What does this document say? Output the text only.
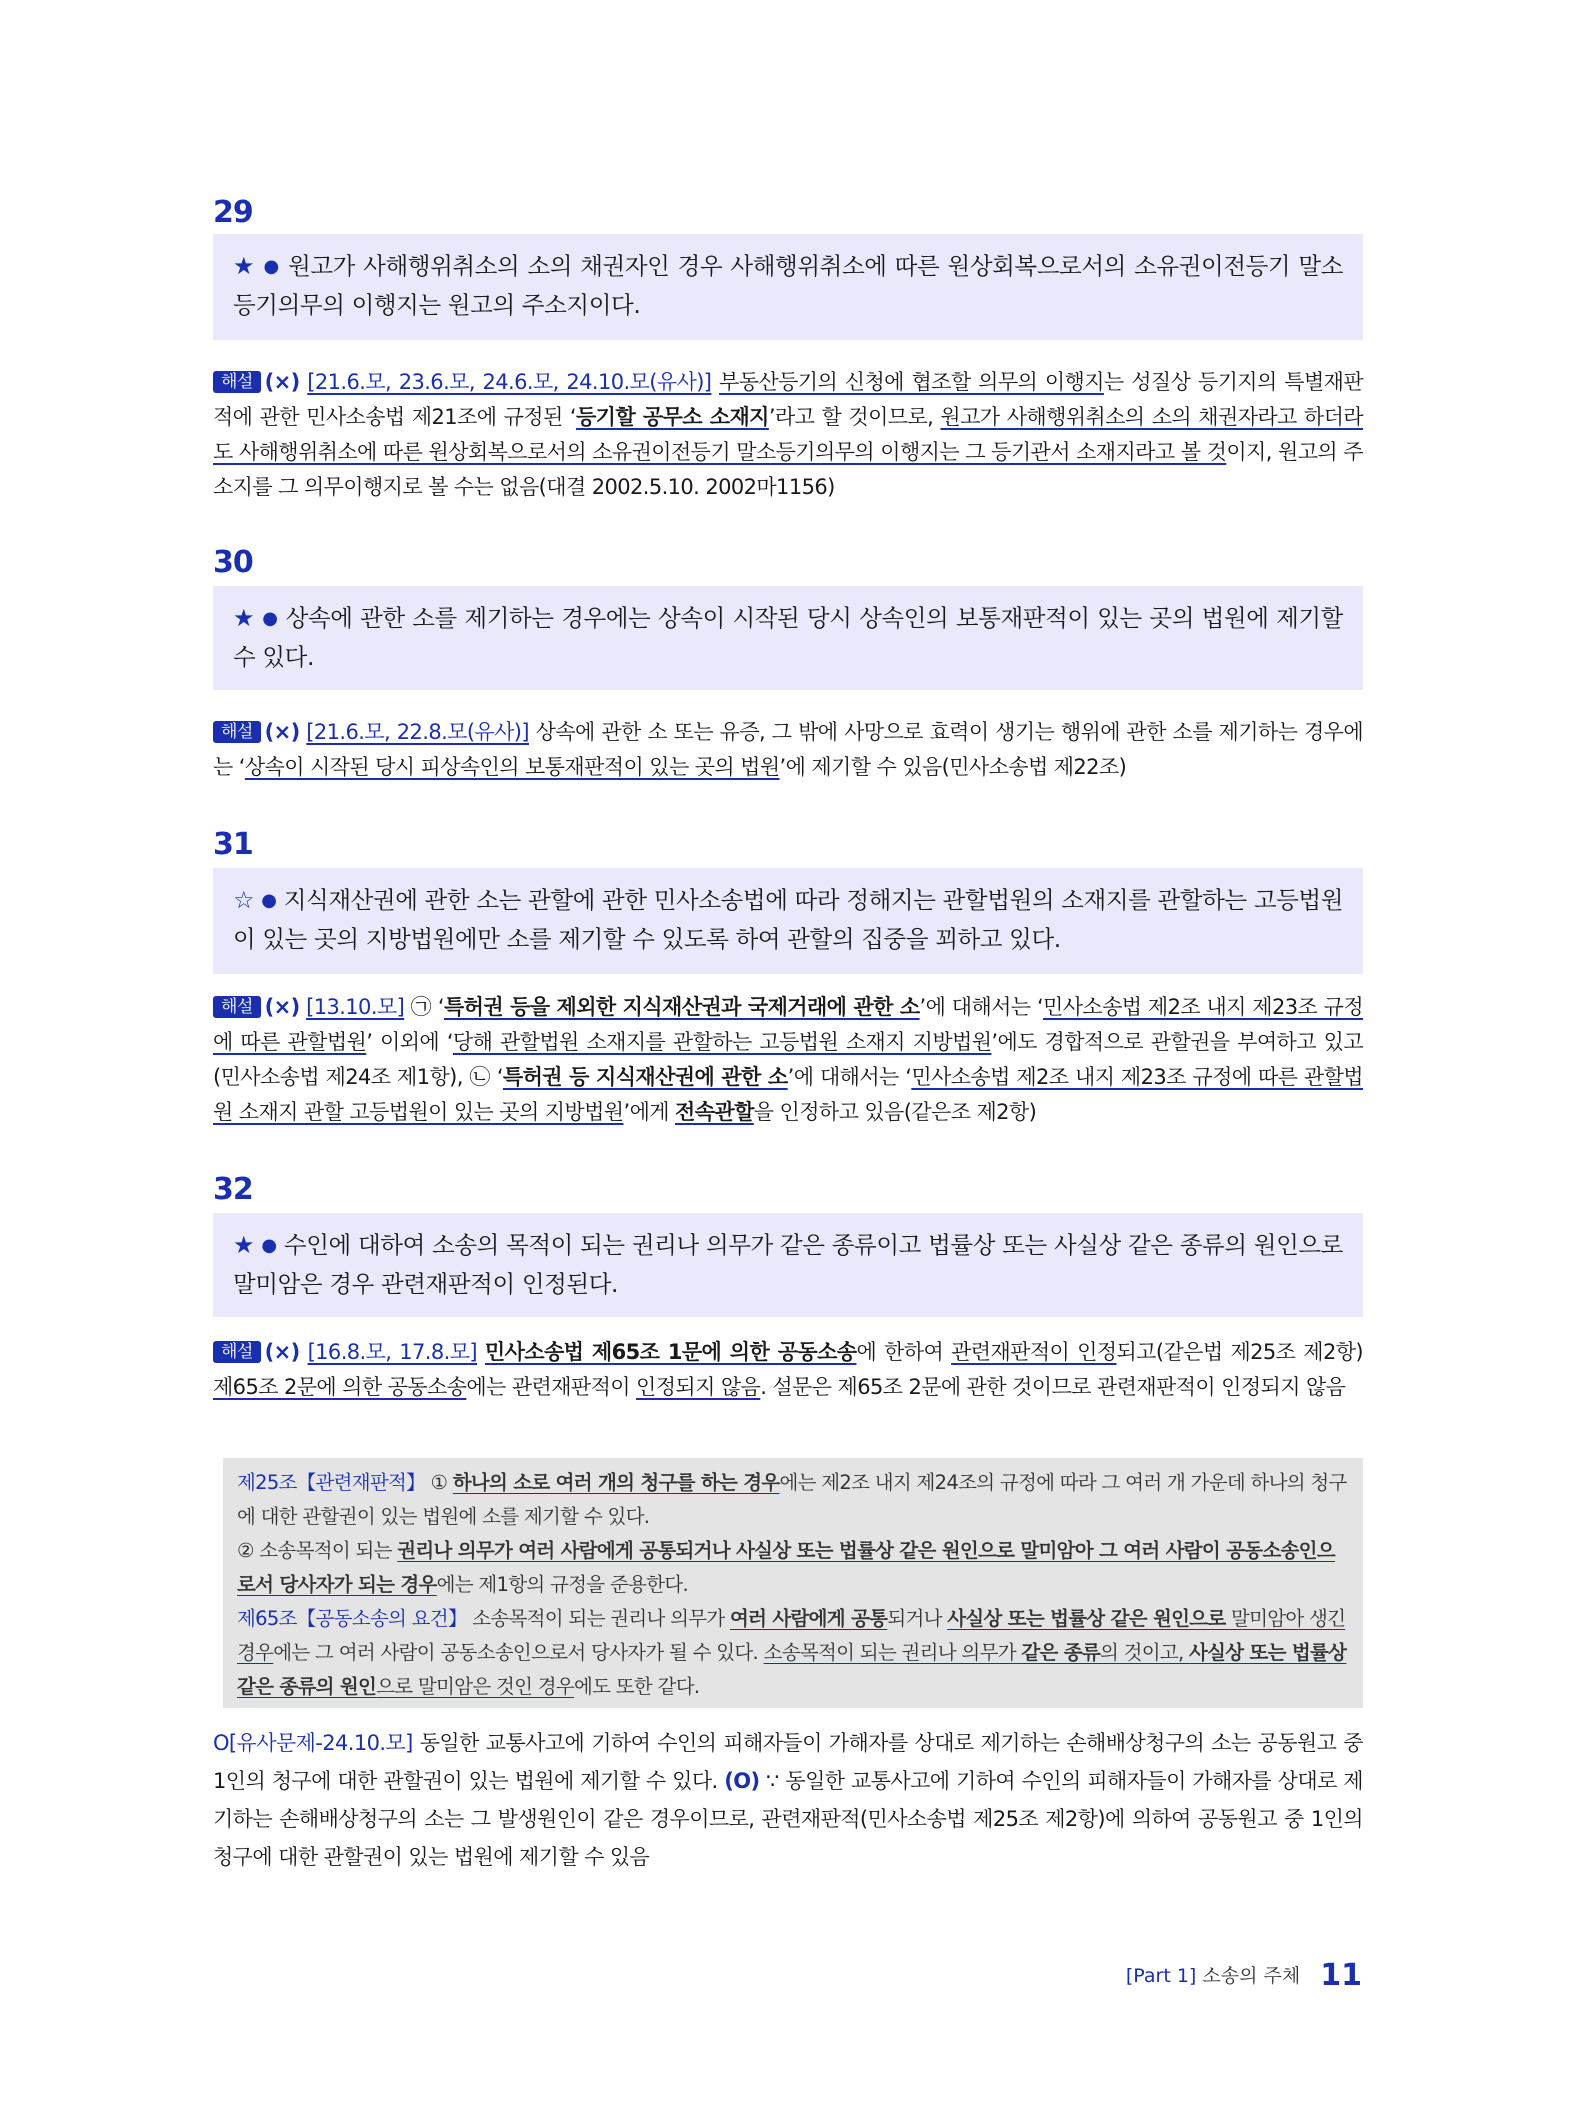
29
★ ● 원고가 사해행위취소의 소의 채권자인 경우 사해행위취소에 따른 원상회복으로서의 소유권이전등기 말소등기의무의 이행지는 원고의 주소지이다.
해설 (×) [21.6.모, 23.6.모, 24.6.모, 24.10.모(유사)] 부동산등기의 신청에 협조할 의무의 이행지는 성질상 등기지의 특별재판적에 관한 민사소송법 제21조에 규정된 ‘등기할 공무소 소재지’라고 할 것이므로, 원고가 사해행위취소의 소의 채권자라고 하더라도 사해행위취소에 따른 원상회복으로서의 소유권이전등기 말소등기의무의 이행지는 그 등기관서 소재지라고 볼 것이지, 원고의 주소지를 그 의무이행지로 볼 수는 없음(대결 2002.5.10. 2002마1156)
30
★ ● 상속에 관한 소를 제기하는 경우에는 상속이 시작된 당시 상속인의 보통재판적이 있는 곳의 법원에 제기할 수 있다.
해설 (×) [21.6.모, 22.8.모(유사)] 상속에 관한 소 또는 유증, 그 밖에 사망으로 효력이 생기는 행위에 관한 소를 제기하는 경우에는 ‘상속이 시작된 당시 피상속인의 보통재판적이 있는 곳의 법원’에 제기할 수 있음(민사소송법 제22조)
31
☆ ● 지식재산권에 관한 소는 관할에 관한 민사소송법에 따라 정해지는 관할법원의 소재지를 관할하는 고등법원이 있는 곳의 지방법원에만 소를 제기할 수 있도록 하여 관할의 집중을 꾀하고 있다.
해설 (×) [13.10.모] ㉠ ‘특허권 등을 제외한 지식재산권과 국제거래에 관한 소’에 대해서는 ‘민사소송법 제2조 내지 제23조 규정에 따른 관할법원’ 이외에 ‘당해 관할법원 소재지를 관할하는 고등법원 소재지 지방법원’에도 경합적으로 관할권을 부여하고 있고(민사소송법 제24조 제1항), ㉡ ‘특허권 등 지식재산권에 관한 소’에 대해서는 ‘민사소송법 제2조 내지 제23조 규정에 따른 관할법원 소재지 관할 고등법원이 있는 곳의 지방법원’에게 전속관할을 인정하고 있음(같은조 제2항)
32
★ ● 수인에 대하여 소송의 목적이 되는 권리나 의무가 같은 종류이고 법률상 또는 사실상 같은 종류의 원인으로 말미암은 경우 관련재판적이 인정된다.
해설 (×) [16.8.모, 17.8.모] 민사소송법 제65조 1문에 의한 공동소송에 한하여 관련재판적이 인정되고(같은법 제25조 제2항) 제65조 2문에 의한 공동소송에는 관련재판적이 인정되지 않음. 설문은 제65조 2문에 관한 것이므로 관련재판적이 인정되지 않음
제25조【관련재판적】 ① 하나의 소로 여러 개의 청구를 하는 경우에는 제2조 내지 제24조의 규정에 따라 그 여러 개 가운데 하나의 청구에 대한 관할권이 있는 법원에 소를 제기할 수 있다.
② 소송목적이 되는 권리나 의무가 여러 사람에게 공통되거나 사실상 또는 법률상 같은 원인으로 말미암아 그 여러 사람이 공동소송인으로서 당사자가 되는 경우에는 제1항의 규정을 준용한다.
제65조【공동소송의 요건】 소송목적이 되는 권리나 의무가 여러 사람에게 공통되거나 사실상 또는 법률상 같은 원인으로 말미암아 생긴 경우에는 그 여러 사람이 공동소송인으로서 당사자가 될 수 있다. 소송목적이 되는 권리나 의무가 같은 종류의 것이고, 사실상 또는 법률상 같은 종류의 원인으로 말미암은 것인 경우에도 또한 같다.
O[유사문제-24.10.모] 동일한 교통사고에 기하여 수인의 피해자들이 가해자를 상대로 제기하는 손해배상청구의 소는 공동원고 중 1인의 청구에 대한 관할권이 있는 법원에 제기할 수 있다. (O) ∵ 동일한 교통사고에 기하여 수인의 피해자들이 가해자를 상대로 제기하는 손해배상청구의 소는 그 발생원인이 같은 경우이므로, 관련재판적(민사소송법 제25조 제2항)에 의하여 공동원고 중 1인의 청구에 대한 관할권이 있는 법원에 제기할 수 있음
[Part 1] 소송의 주체 11
